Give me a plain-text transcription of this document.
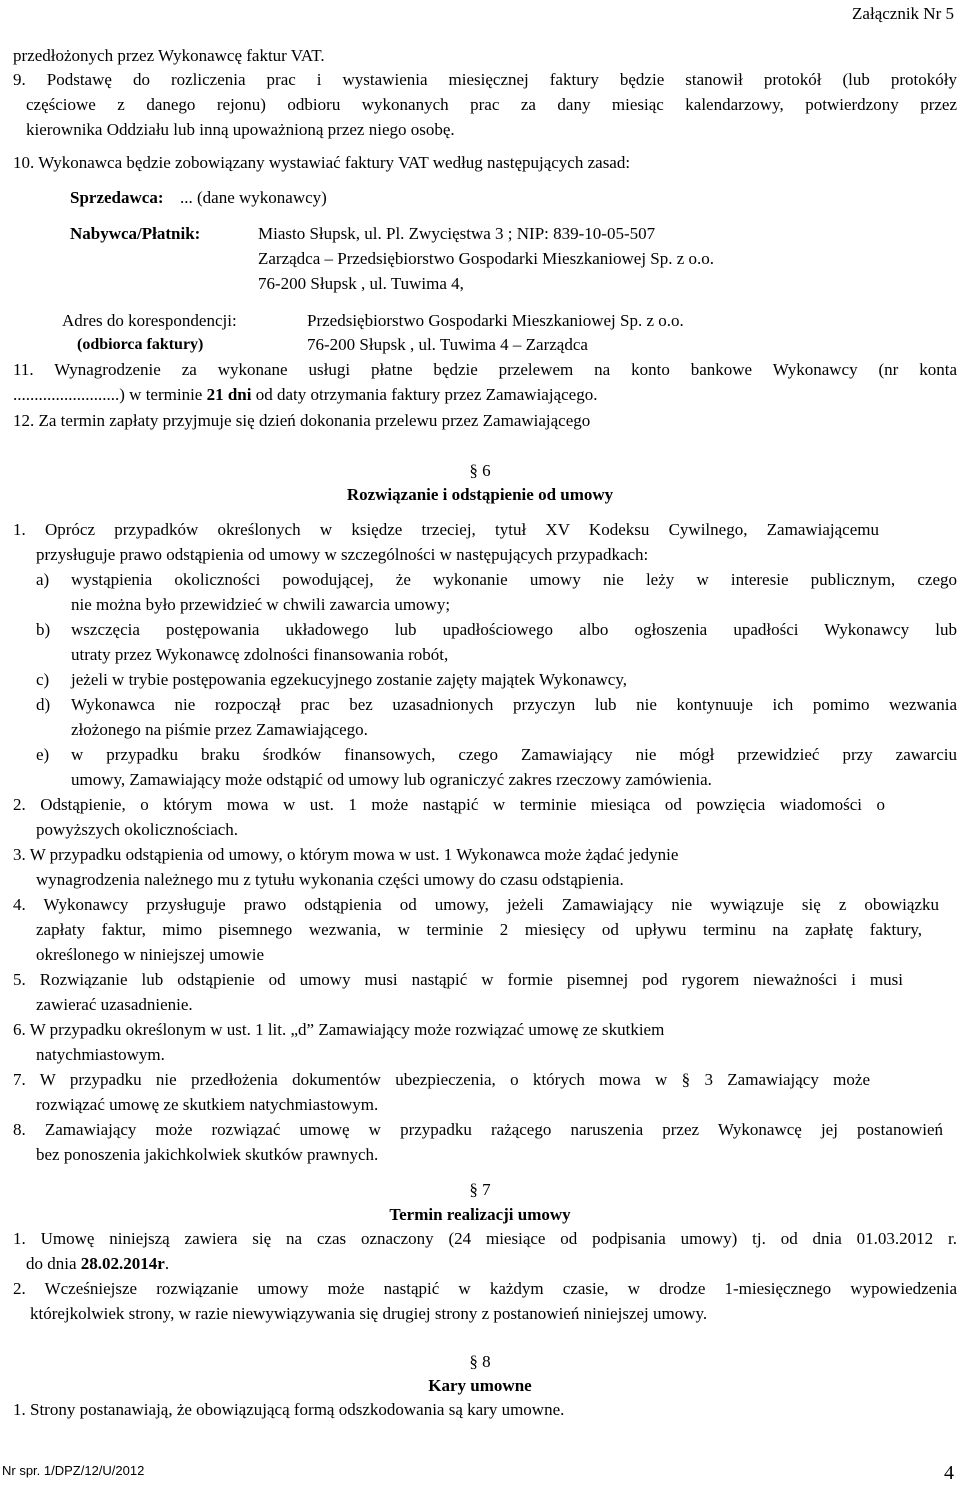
Załącznik Nr 5
przedłożonych przez Wykonawcę faktur VAT.
9. Podstawę do rozliczenia prac i wystawienia miesięcznej faktury będzie stanowił protokół (lub protokóły
częściowe z danego rejonu) odbioru wykonanych prac za dany miesiąc kalendarzowy, potwierdzony przez
kierownika Oddziału lub inną upoważnioną przez niego osobę.
10. Wykonawca będzie zobowiązany wystawiać faktury VAT według następujących zasad:
Sprzedawca: ... (dane wykonawcy)
Nabywca/Płatnik:	Miasto Słupsk, ul. Pl. Zwycięstwa 3 ; NIP: 839-10-05-507
Zarządca – Przedsiębiorstwo Gospodarki Mieszkaniowej Sp. z o.o.
76-200 Słupsk , ul. Tuwima 4,
Adres do korespondencji:
(odbiorca faktury)
Przedsiębiorstwo Gospodarki Mieszkaniowej Sp. z o.o.
76-200 Słupsk , ul. Tuwima 4 – Zarządca
11. Wynagrodzenie za wykonane usługi płatne będzie przelewem na konto bankowe Wykonawcy (nr konta
.........................) w terminie 21 dni od daty otrzymania faktury przez Zamawiającego.
12. Za termin zapłaty przyjmuje się dzień dokonania przelewu przez Zamawiającego
§ 6
Rozwiązanie i odstąpienie od umowy
1. Oprócz przypadków określonych w księdze trzeciej, tytuł XV Kodeksu Cywilnego, Zamawiającemu
przysługuje prawo odstąpienia od umowy w szczególności w następujących przypadkach:
a) wystąpienia okoliczności powodującej, że wykonanie umowy nie leży w interesie publicznym, czego
nie można było przewidzieć w chwili zawarcia umowy;
b) wszczęcia postępowania układowego lub upadłościowego albo ogłoszenia upadłości Wykonawcy lub
utraty przez Wykonawcę zdolności finansowania robót,
c) jeżeli w trybie postępowania egzekucyjnego zostanie zajęty majątek Wykonawcy,
d) Wykonawca nie rozpoczął prac bez uzasadnionych przyczyn lub nie kontynuuje ich pomimo wezwania
złożonego na piśmie przez Zamawiającego.
e) w przypadku braku środków finansowych, czego Zamawiający nie mógł przewidzieć przy zawarciu
umowy, Zamawiający może odstąpić od umowy lub ograniczyć zakres rzeczowy zamówienia.
2. Odstąpienie, o którym mowa w ust. 1 może nastąpić w terminie miesiąca od powzięcia wiadomości o
powyższych okolicznościach.
3. W przypadku odstąpienia od umowy, o którym mowa w ust. 1 Wykonawca może żądać jedynie
wynagrodzenia należnego mu z tytułu wykonania części umowy do czasu odstąpienia.
4. Wykonawcy przysługuje prawo odstąpienia od umowy, jeżeli Zamawiający nie wywiązuje się z obowiązku
zapłaty faktur, mimo pisemnego wezwania, w terminie 2 miesięcy od upływu terminu na zapłatę faktury,
określonego w niniejszej umowie
5. Rozwiązanie lub odstąpienie od umowy musi nastąpić w formie pisemnej pod rygorem nieważności i musi
zawierać uzasadnienie.
6. W przypadku określonym w ust. 1 lit. „d” Zamawiający może rozwiązać umowę ze skutkiem
natychmiastowym.
7. W przypadku nie przedłożenia dokumentów ubezpieczenia, o których mowa w § 3 Zamawiający może
rozwiązać umowę ze skutkiem natychmiastowym.
8. Zamawiający może rozwiązać umowę w przypadku rażącego naruszenia przez Wykonawcę jej postanowień
bez ponoszenia jakichkolwiek skutków prawnych.
§ 7
Termin realizacji umowy
1. Umowę niniejszą zawiera się na czas oznaczony (24 miesiące od podpisania umowy) tj. od dnia 01.03.2012 r.
do dnia 28.02.2014r.
2. Wcześniejsze rozwiązanie umowy może nastąpić w każdym czasie, w drodze 1-miesięcznego wypowiedzenia
którejkolwiek strony, w razie niewywiązywania się drugiej strony z postanowień niniejszej umowy.
§ 8
Kary umowne
1. Strony postanawiają, że obowiązującą formą odszkodowania są kary umowne.
Nr spr. 1/DPZ/12/U/2012	4
